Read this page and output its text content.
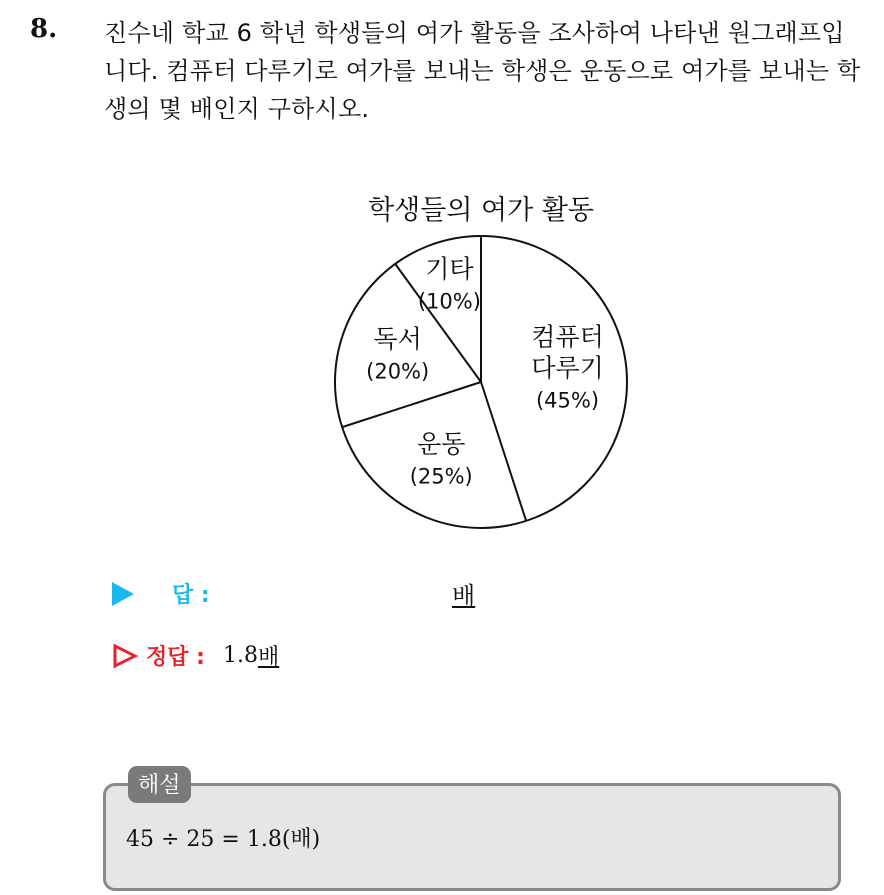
8. 진수네 학교 6 학년 학생들의 여가 활동을 조사하여 나타낸 원그래프입니다. 컴퓨터 다루기로 여가를 보내는 학생은 운동으로 여가를 보내는 학생의 몇 배인지 구하시오.

학생들의 여가 활동
컴퓨터
다루기
(45%)
운동
(25%)
독서
(20%)
기타
(10%)
답 :	배
정답 : 1.8 배
해설
45 ÷ 25 = 1.8(배)
